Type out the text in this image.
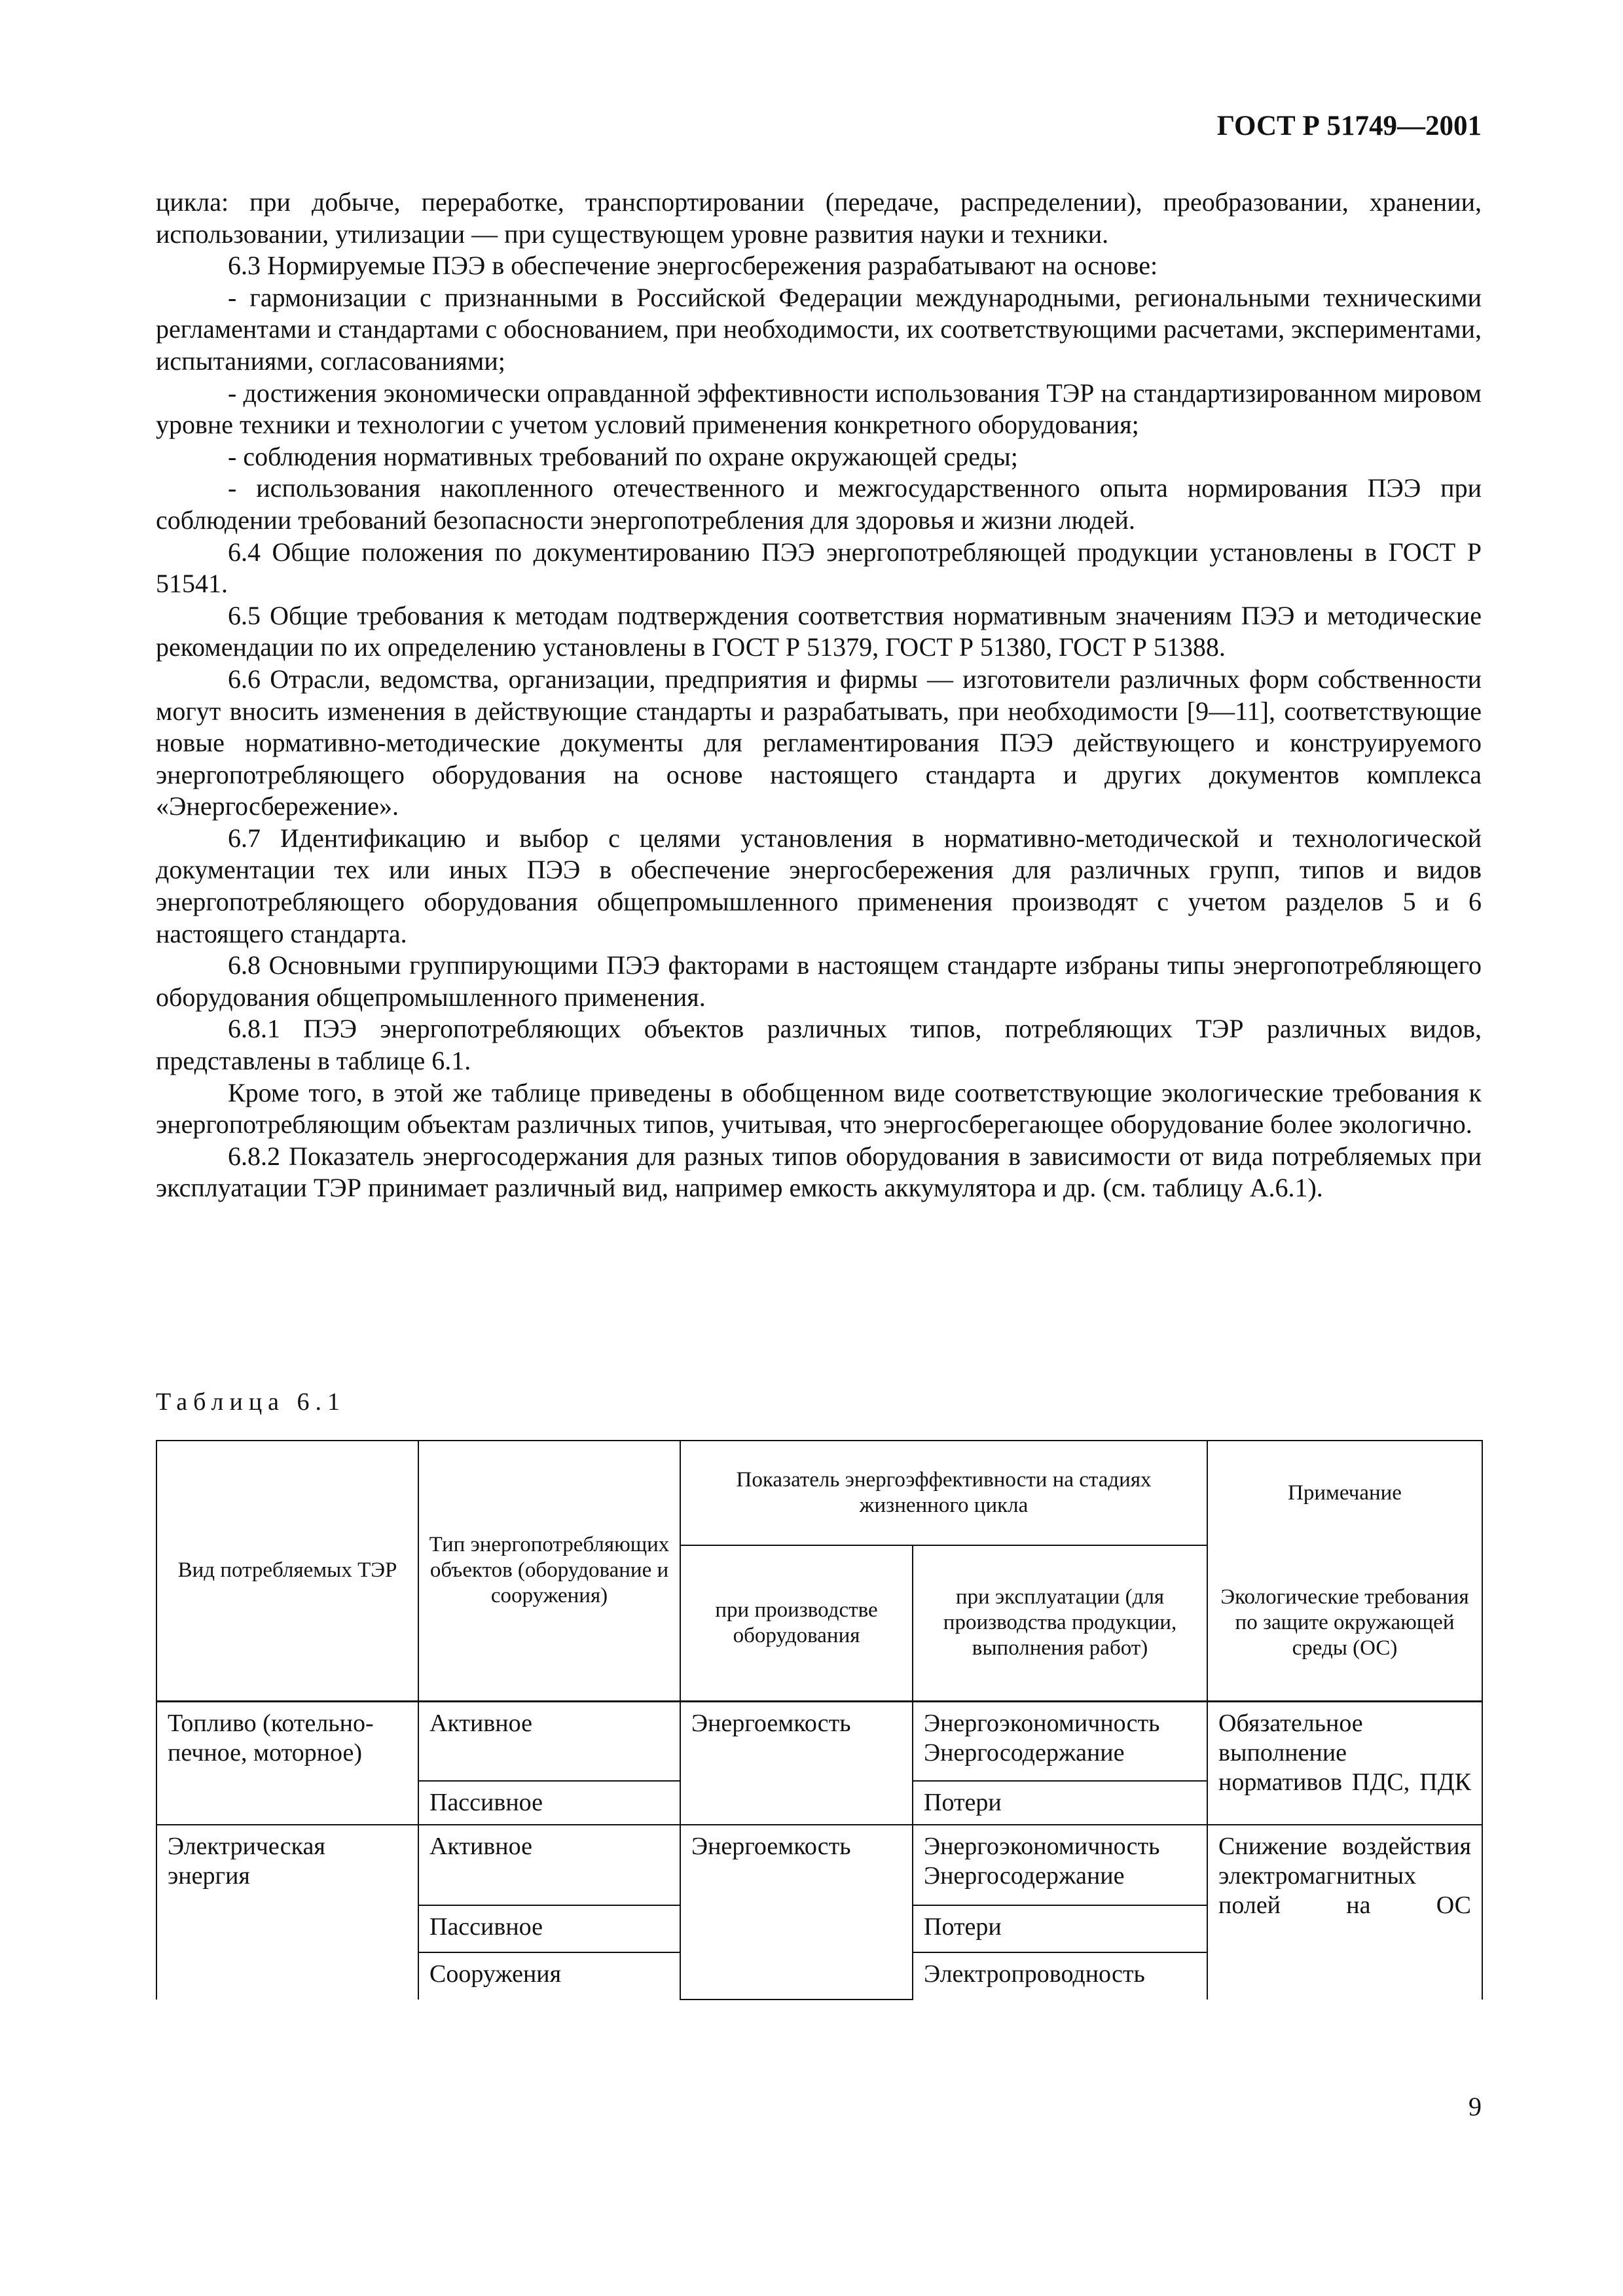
ГОСТ Р 51749—2001

цикла: при добыче, переработке, транспортировании (передаче, распределении), преобразовании, хранении, использовании, утилизации — при существующем уровне развития науки и техники.

6.3 Нормируемые ПЭЭ в обеспечение энергосбережения разрабатывают на основе:

- гармонизации с признанными в Российской Федерации международными, региональными техническими регламентами и стандартами с обоснованием, при необходимости, их соответствующими расчетами, экспериментами, испытаниями, согласованиями;

- достижения экономически оправданной эффективности использования ТЭР на стандартизированном мировом уровне техники и технологии с учетом условий применения конкретного оборудования;

- соблюдения нормативных требований по охране окружающей среды;

- использования накопленного отечественного и межгосударственного опыта нормирования ПЭЭ при соблюдении требований безопасности энергопотребления для здоровья и жизни людей.

6.4 Общие положения по документированию ПЭЭ энергопотребляющей продукции установлены в ГОСТ Р 51541.

6.5 Общие требования к методам подтверждения соответствия нормативным значениям ПЭЭ и методические рекомендации по их определению установлены в ГОСТ Р 51379, ГОСТ Р 51380, ГОСТ Р 51388.

6.6 Отрасли, ведомства, организации, предприятия и фирмы — изготовители различных форм собственности могут вносить изменения в действующие стандарты и разрабатывать, при необходимости [9—11], соответствующие новые нормативно-методические документы для регламентирования ПЭЭ действующего и конструируемого энергопотребляющего оборудования на основе настоящего стандарта и других документов комплекса «Энергосбережение».

6.7 Идентификацию и выбор с целями установления в нормативно-методической и технологической документации тех или иных ПЭЭ в обеспечение энергосбережения для различных групп, типов и видов энергопотребляющего оборудования общепромышленного применения производят с учетом разделов 5 и 6 настоящего стандарта.

6.8 Основными группирующими ПЭЭ факторами в настоящем стандарте избраны типы энергопотребляющего оборудования общепромышленного применения.

6.8.1 ПЭЭ энергопотребляющих объектов различных типов, потребляющих ТЭР различных видов, представлены в таблице 6.1.

Кроме того, в этой же таблице приведены в обобщенном виде соответствующие экологические требования к энергопотребляющим объектам различных типов, учитывая, что энергосберегающее оборудование более экологично.

6.8.2 Показатель энергосодержания для разных типов оборудования в зависимости от вида потребляемых при эксплуатации ТЭР принимает различный вид, например емкость аккумулятора и др. (см. таблицу А.6.1).

Таблица 6.1
Вид потребляемых ТЭР	Тип энергопотребляющих объектов (оборудование и сооружения)	Показатель энергоэффективности на стадиях жизненного цикла		Примечание
		при производстве оборудования	при эксплуатации (для производства продукции, выполнения работ)	Экологические требования по защите окружающей среды (ОС)
Топливо (котельно-печное, моторное)	Активное	Энергоемкость	Энергоэкономичность Энергосодержание	Обязательное выполнение нормативов ПДС, ПДК
	Пассивное		Потери	
Электрическая энергия	Активное	Энергоемкость	Энергоэкономичность Энергосодержание	Снижение воздействия электромагнитных полей на ОС
	Пассивное		Потери	
	Сооружения		Электропроводность	
9
